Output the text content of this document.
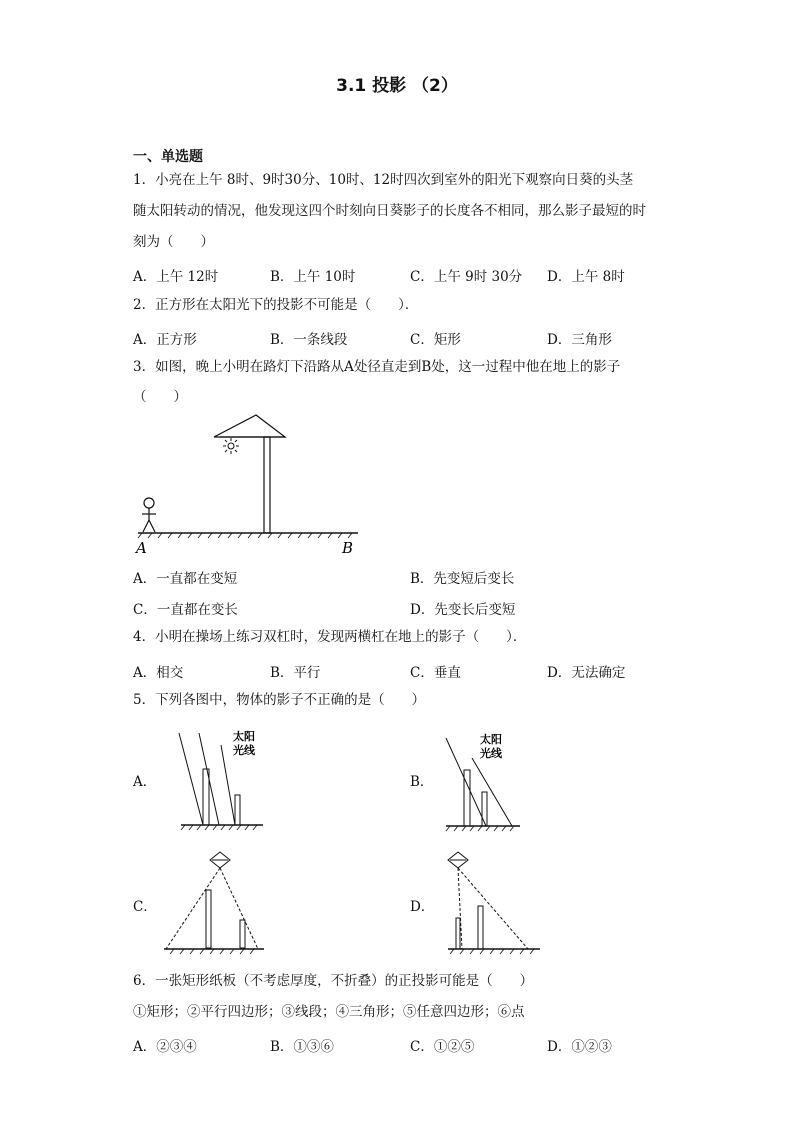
3.1 投影 （2）
一、单选题
1．小亮在上午 8时、9时30分、10时、12时四次到室外的阳光下观察向日葵的头茎
随太阳转动的情况，他发现这四个时刻向日葵影子的长度各不相同，那么影子最短的时
刻为（　　）
A．上午 12时	B．上午 10时	C．上午 9时 30分 D．上午 8时
2．正方形在太阳光下的投影不可能是（　　）．
A．正方形	B．一条线段	C．矩形	D．三角形
3．如图，晚上小明在路灯下沿路从A处径直走到B处，这一过程中他在地上的影子
（　　）
A	B
A．一直都在变短	B．先变短后变长
C．一直都在变长	D．先变长后变短
4．小明在操场上练习双杠时，发现两横杠在地上的影子（　　）．
A．相交	B．平行	C．垂直	D．无法确定
5．下列各图中，物体的影子不正确的是（　　）
A．
太阳
光线
B．
太阳
光线
C．	D．
6．一张矩形纸板（不考虑厚度，不折叠）的正投影可能是（　　）
①矩形；②平行四边形；③线段；④三角形；⑤任意四边形；⑥点
A．②③④	B．①③⑥	C．①②⑤	D．①②③
